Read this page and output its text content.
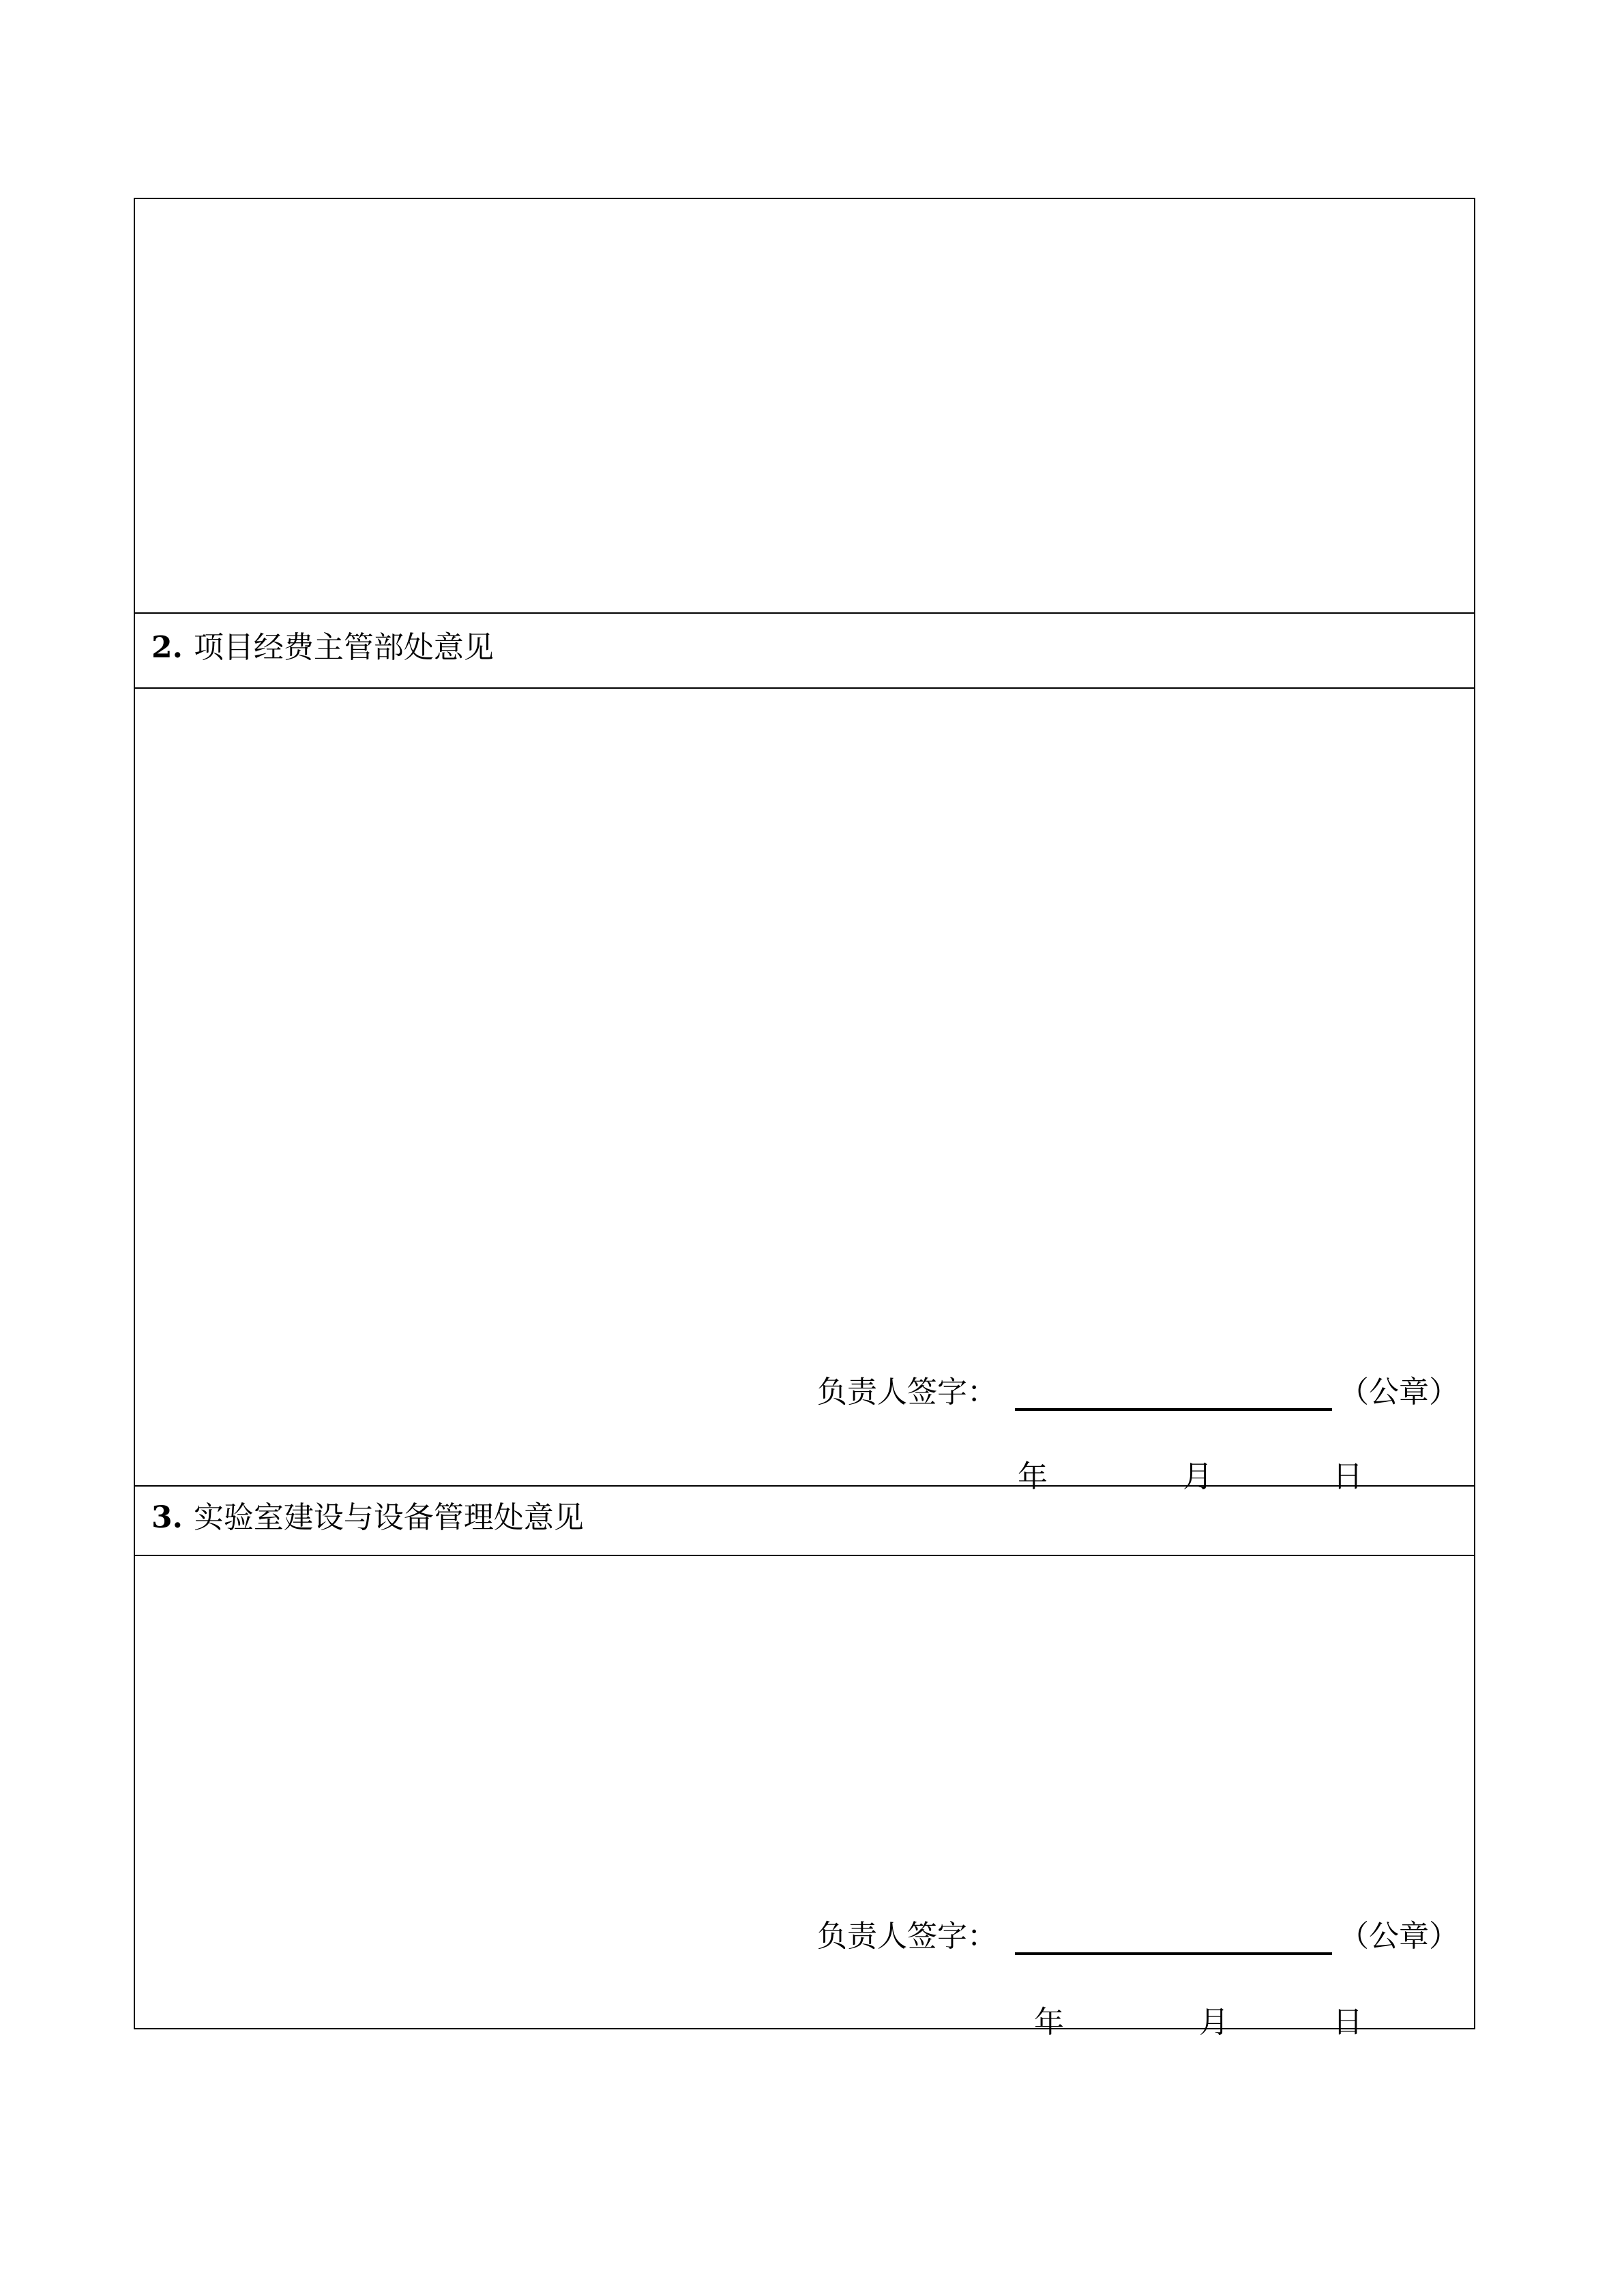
2. 项目经费主管部处意见
负责人签字：	（公章）
年	月	日
3. 实验室建设与设备管理处意见
负责人签字：	（公章）
年	月	日
